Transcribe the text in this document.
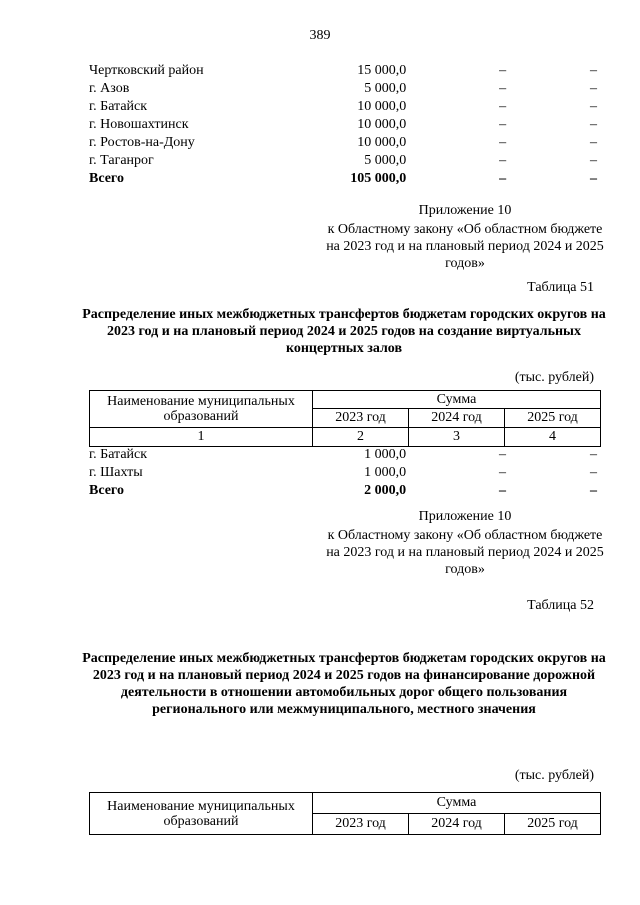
389
Чертковский район	15 000,0	–	–
г. Азов	5 000,0	–	–
г. Батайск	10 000,0	–	–
г. Новошахтинск	10 000,0	–	–
г. Ростов-на-Дону	10 000,0	–	–
г. Таганрог	5 000,0	–	–
Всего	105 000,0	–	–
Приложение 10
к Областному закону «Об областном бюджете на 2023 год и на плановый период 2024 и 2025 годов»
Таблица 51
Распределение иных межбюджетных трансфертов бюджетам городских округов на 2023 год и на плановый период 2024 и 2025 годов на создание виртуальных концертных залов
(тыс. рублей)
Наименование муниципальных образований	Сумма		
	2023 год	2024 год	2025 год
1	2	3	4
г. Батайск	1 000,0	–	–
г. Шахты	1 000,0	–	–
Всего	2 000,0	–	–
Приложение 10
к Областному закону «Об областном бюджете на 2023 год и на плановый период 2024 и 2025 годов»
Таблица 52
Распределение иных межбюджетных трансфертов бюджетам городских округов на 2023 год и на плановый период 2024 и 2025 годов на финансирование дорожной деятельности в отношении автомобильных дорог общего пользования регионального или межмуниципального, местного значения
(тыс. рублей)
Наименование муниципальных образований	Сумма		
	2023 год	2024 год	2025 год
